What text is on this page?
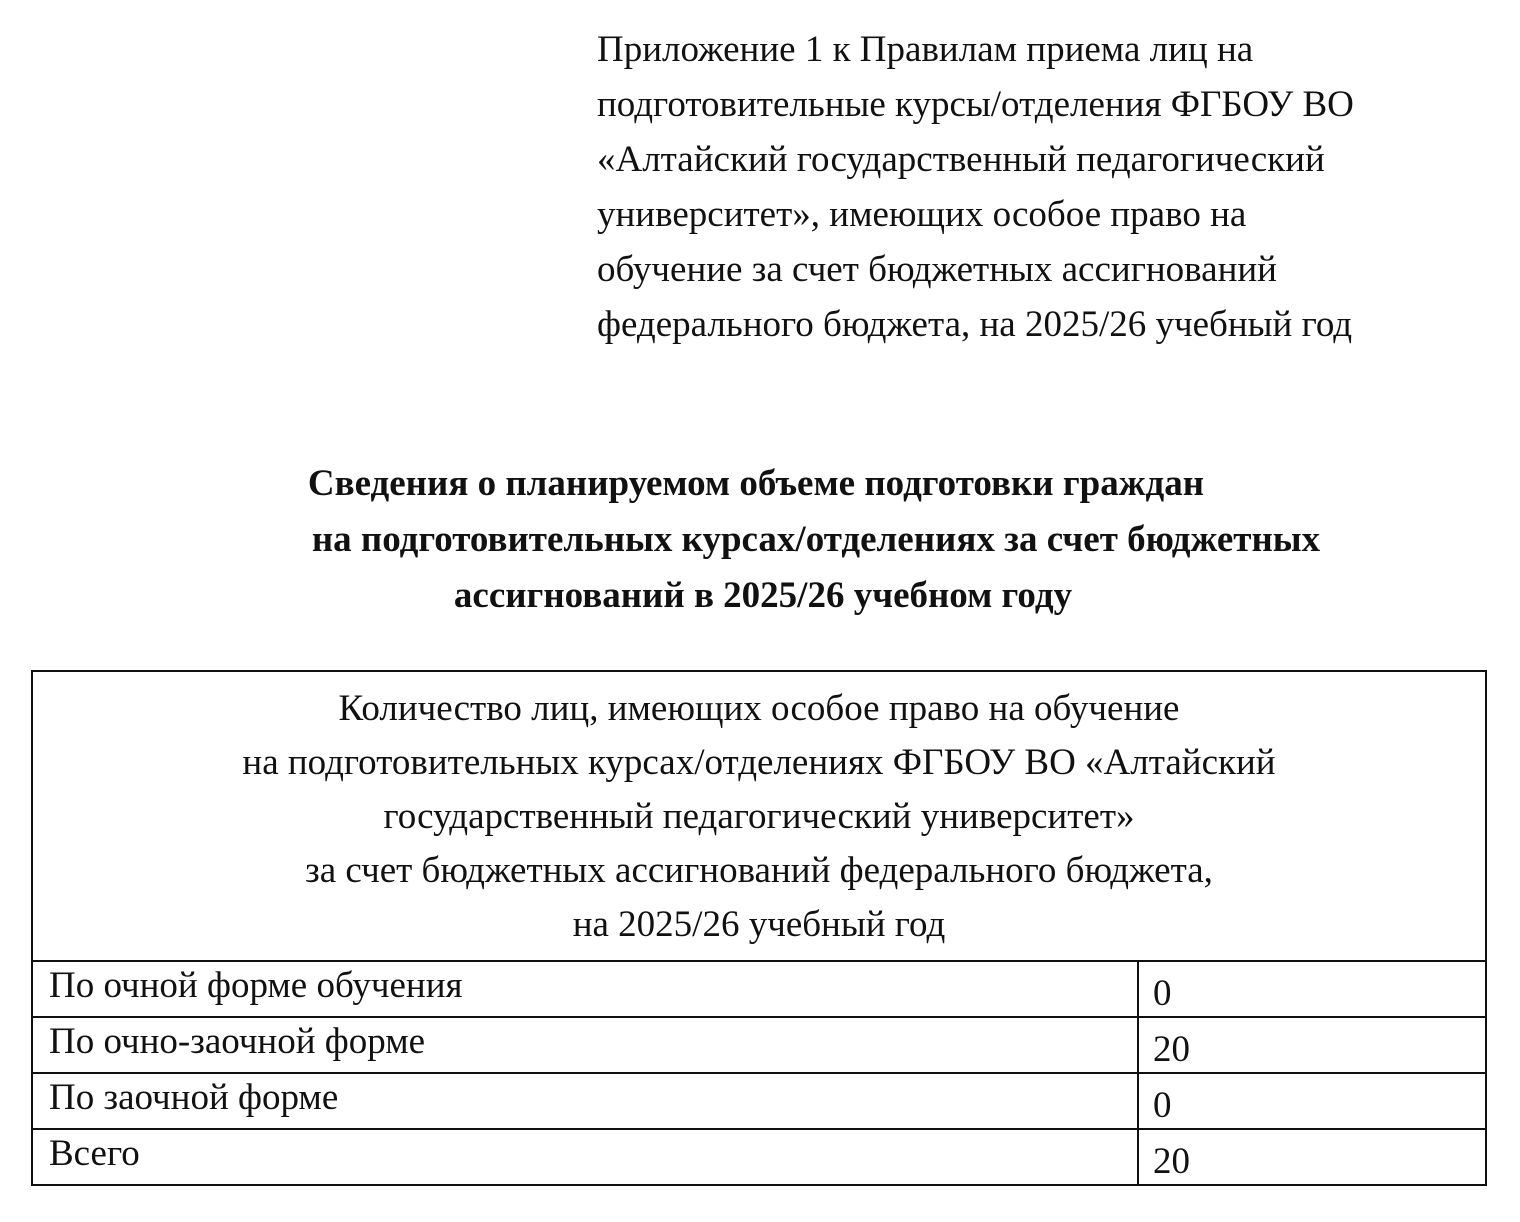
Приложение 1 к Правилам приема лиц на
подготовительные курсы/отделения ФГБОУ ВО
«Алтайский государственный педагогический
университет», имеющих особое право на
обучение за счет бюджетных ассигнований
федерального бюджета, на 2025/26 учебный год
Сведения о планируемом объеме подготовки граждан
на подготовительных курсах/отделениях за счет бюджетных
ассигнований в 2025/26 учебном году
Количество лиц, имеющих особое право на обучение
на подготовительных курсах/отделениях ФГБОУ ВО «Алтайский
государственный педагогический университет»
за счет бюджетных ассигнований федерального бюджета,
на 2025/26 учебный год	

По очной форме обучения	0
По очно-заочной форме	20
По заочной форме	0
Всего	20
